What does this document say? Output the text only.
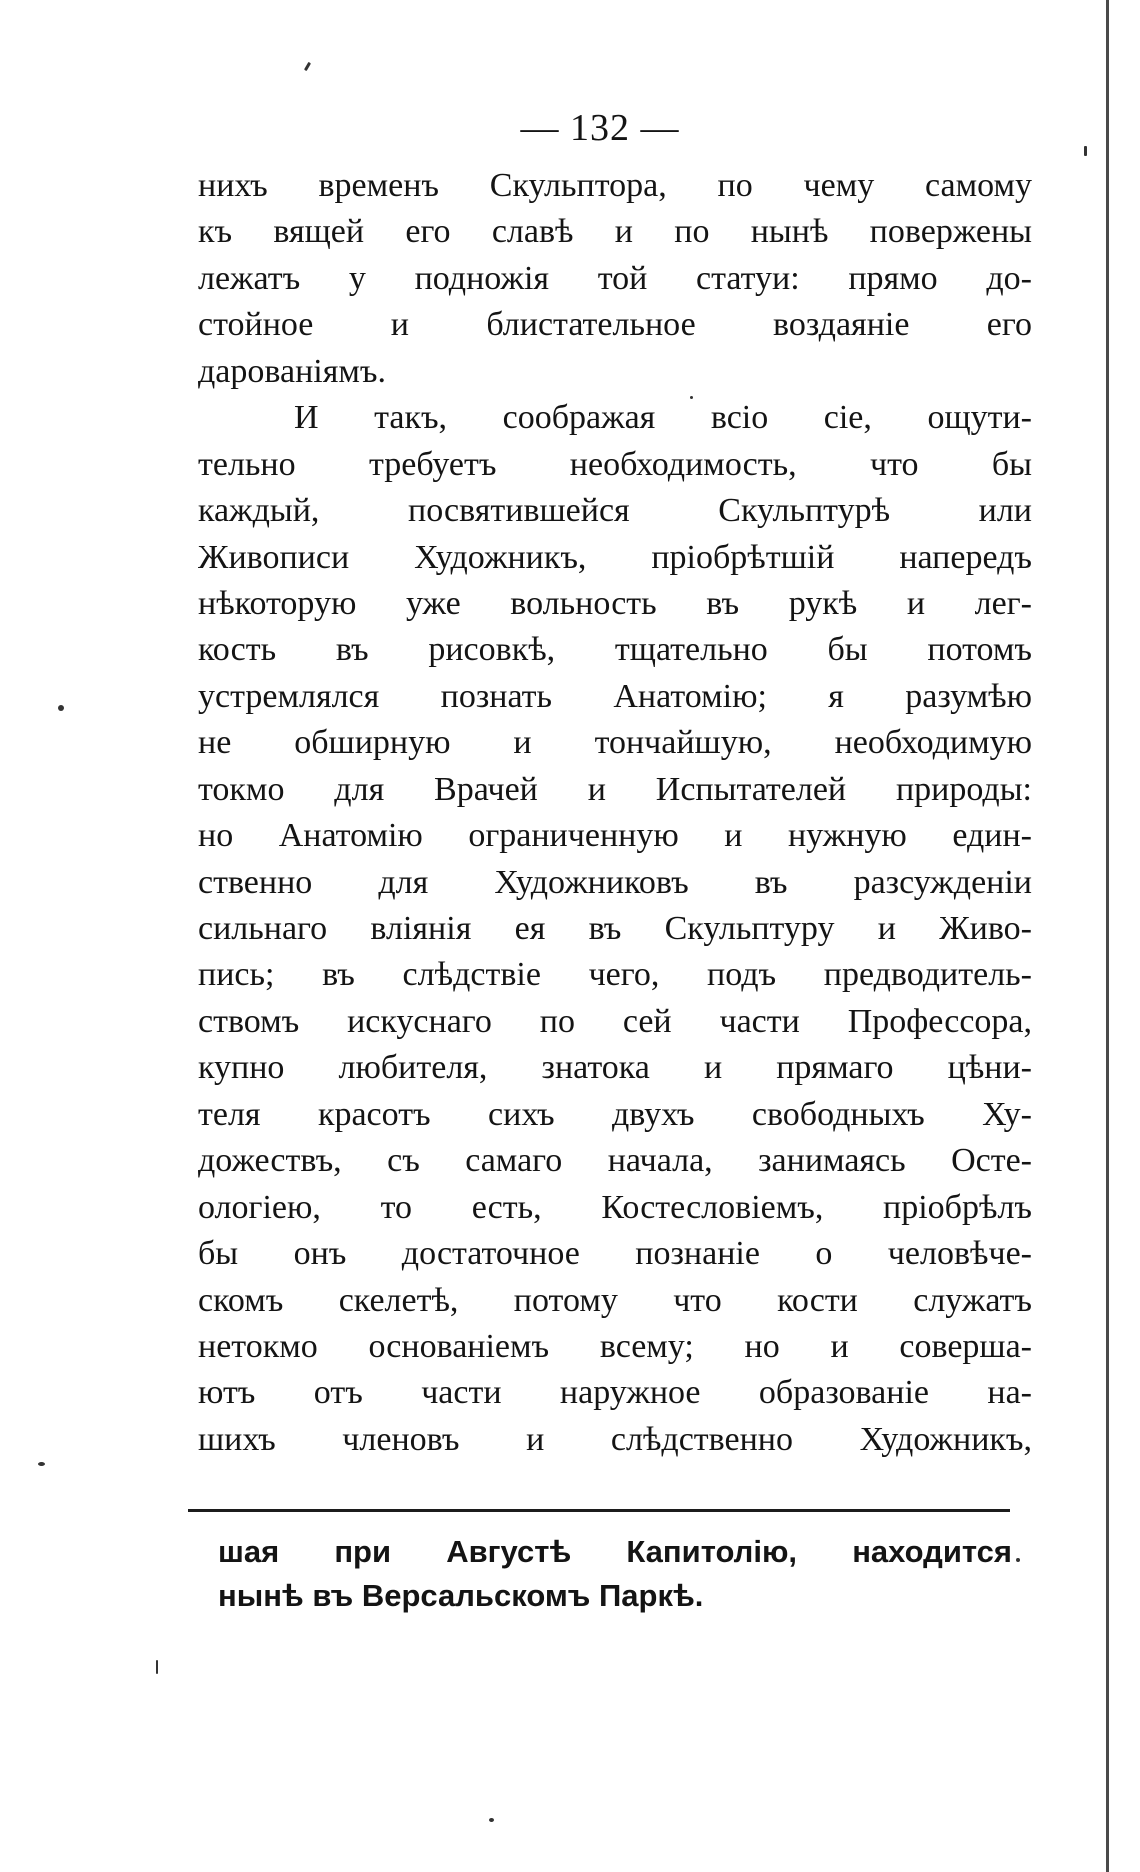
— 132 —
нихъ временъ Скульптора, по чему самому
къ вящей его славѣ и по нынѣ повержены
лежатъ у подножія той статуи: прямо до-
стойное и блистательное воздаяніе его
дарованіямъ.
И такъ, соображая всіо сіе, ощути-
тельно требуетъ необходимость, что бы
каждый, посвятившейся Скульптурѣ или
Живописи Художникъ, пріобрѣтшій напередъ
нѣкоторую уже вольность въ рукѣ и лег-
кость въ рисовкѣ, тщательно бы потомъ
устремлялся познать Анатомію; я разумѣю
не обширную и тончайшую, необходимую
токмо для Врачей и Испытателей природы:
но Анатомію ограниченную и нужную един-
ственно для Художниковъ въ разсужденіи
сильнаго вліянія ея въ Скульптуру и Живо-
пись; въ слѣдствіе чего, подъ предводитель-
ствомъ искуснаго по сей части Профессора,
купно любителя, знатока и прямаго цѣни-
теля красотъ сихъ двухъ свободныхъ Ху-
дожествъ, съ самаго начала, занимаясь Осте-
ологіею, то есть, Костесловіемъ, пріобрѣлъ
бы онъ достаточное познаніе о человѣче-
скомъ скелетѣ, потому что кости служатъ
нетокмо основаніемъ всему; но и соверша-
ютъ отъ части наружное образованіе на-
шихъ членовъ и слѣдственно Художникъ,
шая при Августѣ Капитолію, находится
нынѣ въ Версальскомъ Паркѣ.
